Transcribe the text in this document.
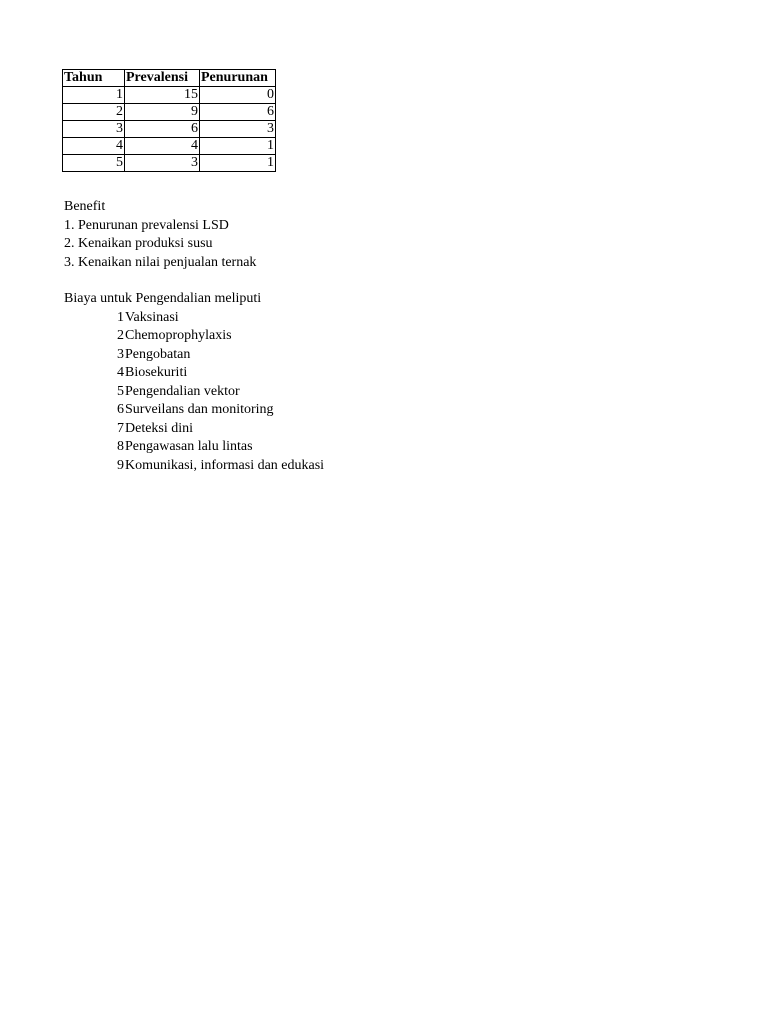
Tahun	Prevalensi	Penurunan
1	15	0
2	9	6
3	6	3
4	4	1
5	3	1
Benefit
1. Penurunan prevalensi LSD
2. Kenaikan produksi susu
3. Kenaikan nilai penjualan ternak
Biaya untuk Pengendalian meliputi
1 Vaksinasi
2 Chemoprophylaxis
3 Pengobatan
4 Biosekuriti
5 Pengendalian vektor
6 Surveilans dan monitoring
7 Deteksi dini
8 Pengawasan lalu lintas
9 Komunikasi, informasi dan edukasi
